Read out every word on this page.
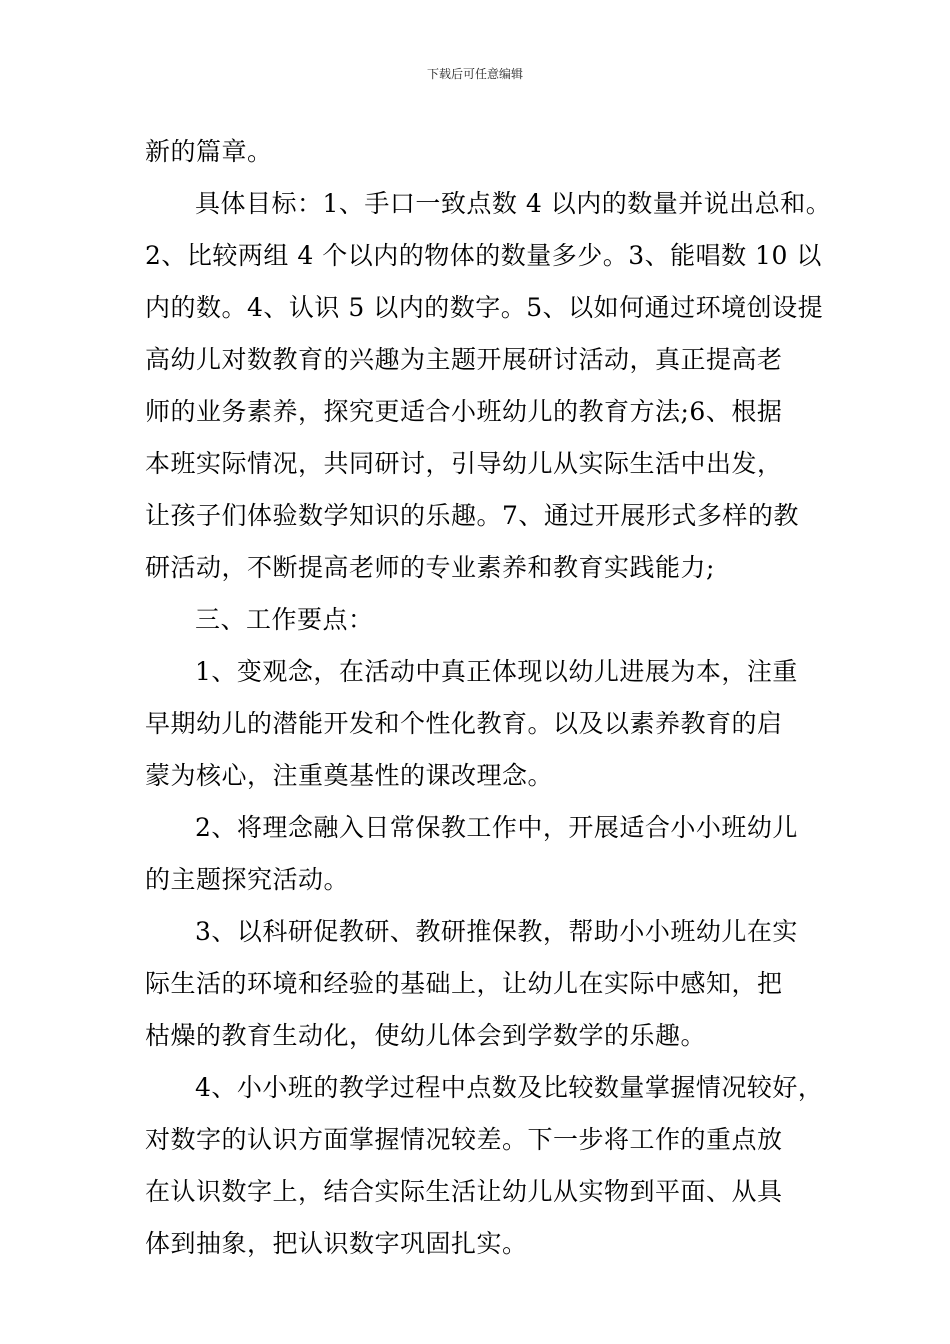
下载后可任意编辑
新的篇章。
具体目标：1、手口一致点数 4 以内的数量并说出总和。
2、比较两组 4 个以内的物体的数量多少。3、能唱数 10 以
内的数。4、认识 5 以内的数字。5、以如何通过环境创设提
高幼儿对数教育的兴趣为主题开展研讨活动，真正提高老
师的业务素养，探究更适合小班幼儿的教育方法;6、根据
本班实际情况，共同研讨，引导幼儿从实际生活中出发，
让孩子们体验数学知识的乐趣。7、通过开展形式多样的教
研活动，不断提高老师的专业素养和教育实践能力;
三、工作要点：
1、变观念，在活动中真正体现以幼儿进展为本，注重
早期幼儿的潜能开发和个性化教育。以及以素养教育的启
蒙为核心，注重奠基性的课改理念。
2、将理念融入日常保教工作中，开展适合小小班幼儿
的主题探究活动。
3、以科研促教研、教研推保教，帮助小小班幼儿在实
际生活的环境和经验的基础上，让幼儿在实际中感知，把
枯燥的教育生动化，使幼儿体会到学数学的乐趣。
4、小小班的教学过程中点数及比较数量掌握情况较好，
对数字的认识方面掌握情况较差。下一步将工作的重点放
在认识数字上，结合实际生活让幼儿从实物到平面、从具
体到抽象，把认识数字巩固扎实。
